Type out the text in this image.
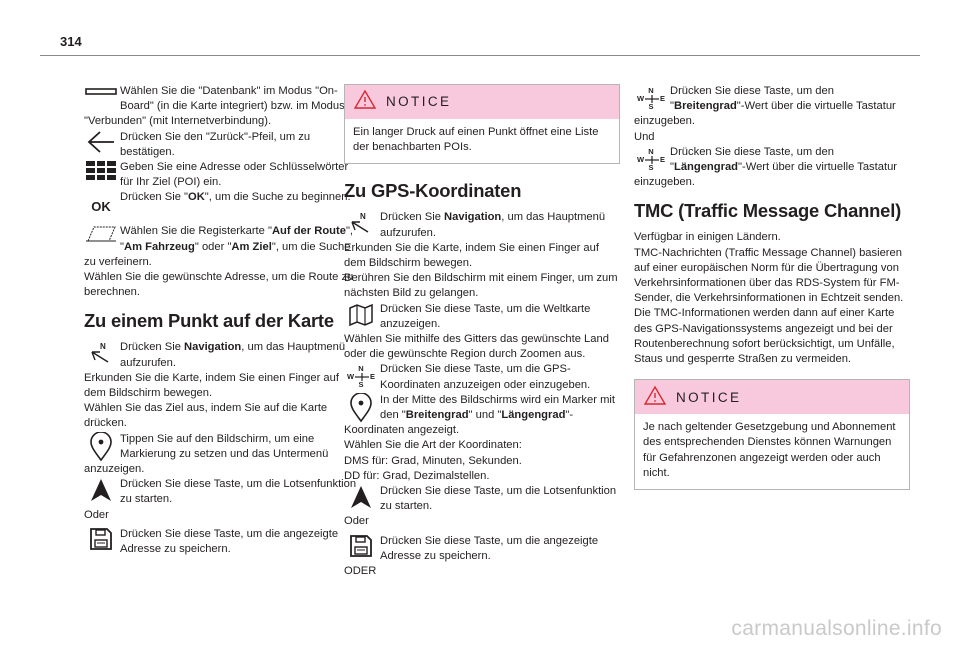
314
Wählen Sie die "Datenbank" im Modus "On-Board" (in die Karte integriert) bzw. im Modus "Verbunden" (mit Internetverbindung).
Drücken Sie den "Zurück"-Pfeil, um zu bestätigen.
Geben Sie eine Adresse oder Schlüsselwörter für Ihr Ziel (POI) ein.
OK
Drücken Sie "OK", um die Suche zu beginnen.
Wählen Sie die Registerkarte "Auf der Route", "Am Fahrzeug" oder "Am Ziel", um die Suche zu verfeinern.

Wählen Sie die gewünschte Adresse, um die Route zu berechnen.

Zu einem Punkt auf der Karte
N Drücken Sie Navigation, um das Hauptmenü aufzurufen.

Erkunden Sie die Karte, indem Sie einen Finger auf dem Bildschirm bewegen.

Wählen Sie das Ziel aus, indem Sie auf die Karte drücken.

Tippen Sie auf den Bildschirm, um eine Markierung zu setzen und das Untermenü anzuzeigen.
Drücken Sie diese Taste, um die Lotsenfunktion zu starten.

Oder

Drücken Sie diese Taste, um die angezeigte Adresse zu speichern.
NOTICE
Ein langer Druck auf einen Punkt öffnet eine Liste der benachbarten POIs.
Zu GPS-Koordinaten
N Drücken Sie Navigation, um das Hauptmenü aufzurufen.

Erkunden Sie die Karte, indem Sie einen Finger auf dem Bildschirm bewegen.

Berühren Sie den Bildschirm mit einem Finger, um zum nächsten Bild zu gelangen.

Drücken Sie diese Taste, um die Weltkarte anzuzeigen.

Wählen Sie mithilfe des Gitters das gewünschte Land oder die gewünschte Region durch Zoomen aus.

N
W E
S
Drücken Sie diese Taste, um die GPS-Koordinaten anzuzeigen oder einzugeben.
In der Mitte des Bildschirms wird ein Marker mit den "Breitengrad" und "Längengrad"-Koordinaten angezeigt.

Wählen Sie die Art der Koordinaten:

DMS für: Grad, Minuten, Sekunden.

DD für: Grad, Dezimalstellen.

Drücken Sie diese Taste, um die Lotsenfunktion zu starten.

Oder

Drücken Sie diese Taste, um die angezeigte Adresse zu speichern.

ODER

N
W E
S
Drücken Sie diese Taste, um den "Breitengrad"-Wert über die virtuelle Tastatur einzugeben.

Und

N
W E
S
Drücken Sie diese Taste, um den "Längengrad"-Wert über die virtuelle Tastatur einzugeben.
TMC (Traffic Message Channel)

Verfügbar in einigen Ländern.

TMC-Nachrichten (Traffic Message Channel) basieren auf einer europäischen Norm für die Übertragung von Verkehrsinformationen über das RDS-System für FM-Sender, die Verkehrsinformationen in Echtzeit senden.

Die TMC-Informationen werden dann auf einer Karte des GPS-Navigationssystems angezeigt und bei der Routenberechnung sofort berücksichtigt, um Unfälle, Staus und gesperrte Straßen zu vermeiden.

NOTICE
Je nach geltender Gesetzgebung und Abonnement des entsprechenden Dienstes können Warnungen für Gefahrenzonen angezeigt werden oder auch nicht.
carmanualsonline.info
